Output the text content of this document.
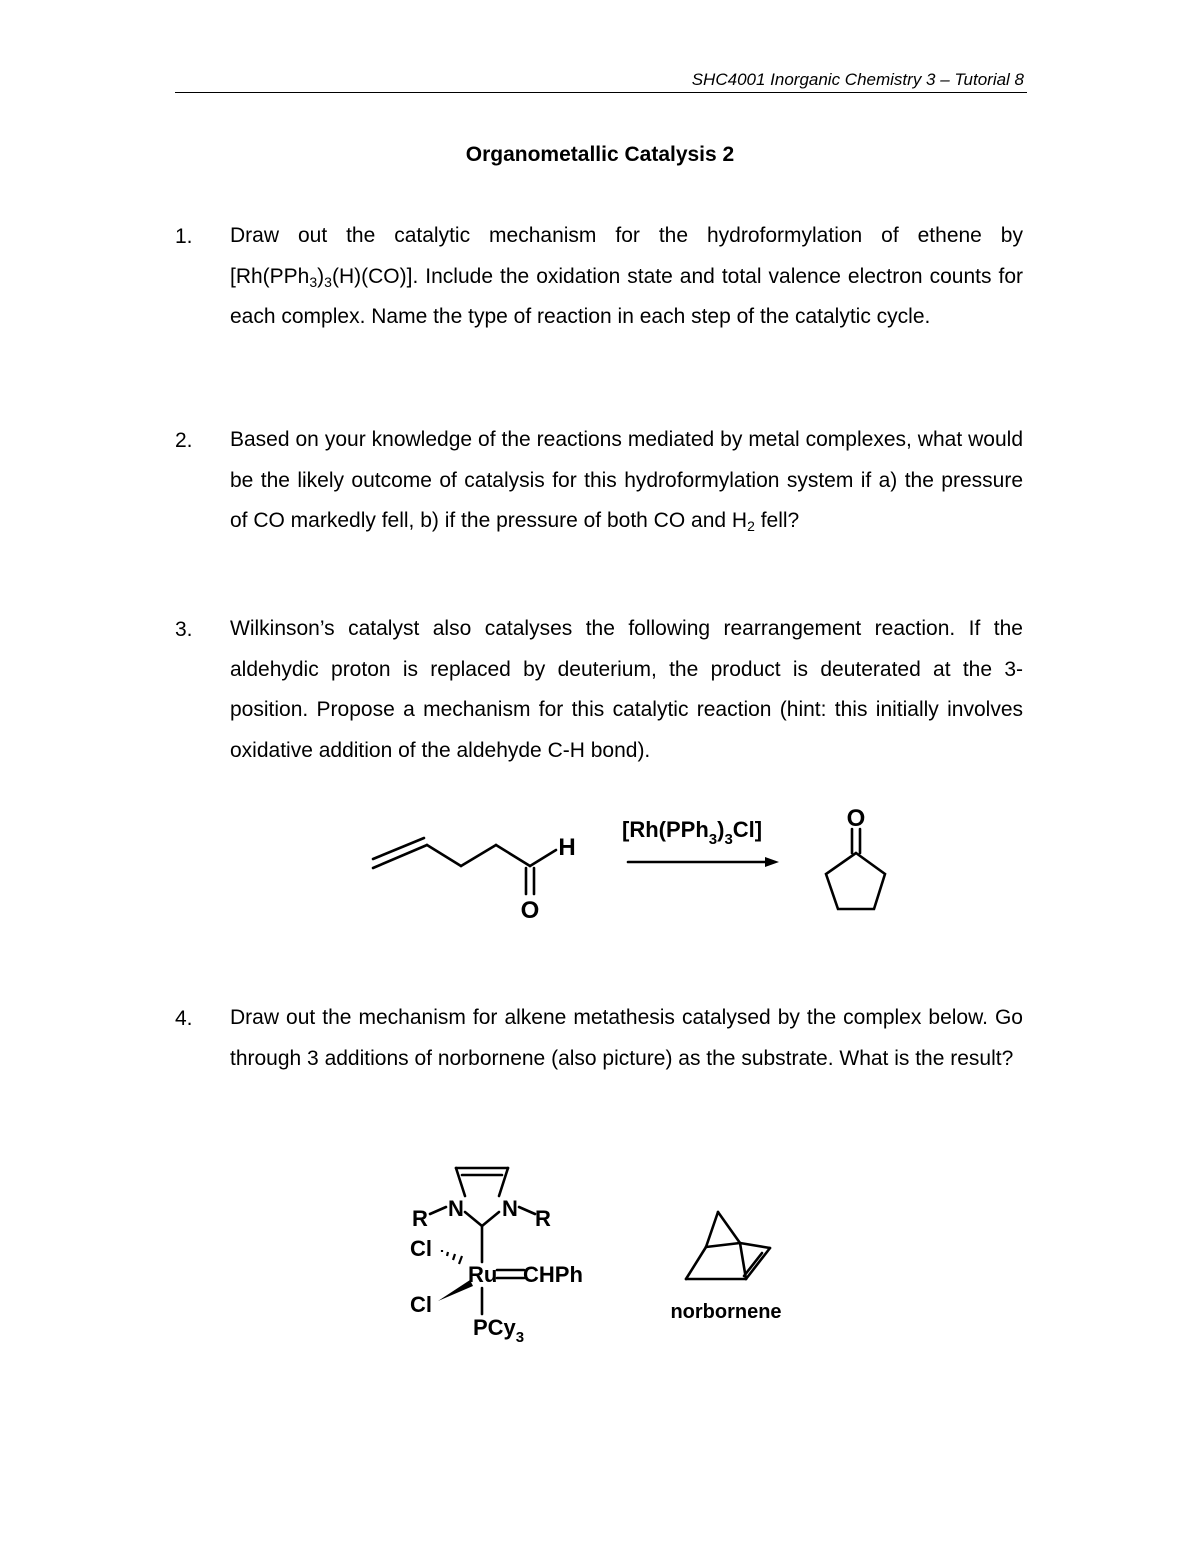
SHC4001 Inorganic Chemistry 3 – Tutorial 8
Organometallic Catalysis 2
1. Draw out the catalytic mechanism for the hydroformylation of ethene by $[Rh(PPh_3)_3(H)(CO)]$. Include the oxidation state and total valence electron counts for each complex. Name the type of reaction in each step of the catalytic cycle.
2. Based on your knowledge of the reactions mediated by metal complexes, what would be the likely outcome of catalysis for this hydroformylation system if a) the pressure of CO markedly fell, b) if the pressure of both CO and $H_2$ fell?
3. Wilkinson’s catalyst also catalyses the following rearrangement reaction. If the aldehydic proton is replaced by deuterium, the product is deuterated at the 3-position. Propose a mechanism for this catalytic reaction (hint: this initially involves oxidative addition of the aldehyde C-H bond).
H
O
$[Rh(PPh_3)_3Cl]$	O
4. Draw out the mechanism for alkene metathesis catalysed by the complex below. Go through 3 additions of norbornene (also picture) as the substrate. What is the result?
N N
R	R
Cl
Cl
Ru CHPh
PCy$_3$
norbornene
